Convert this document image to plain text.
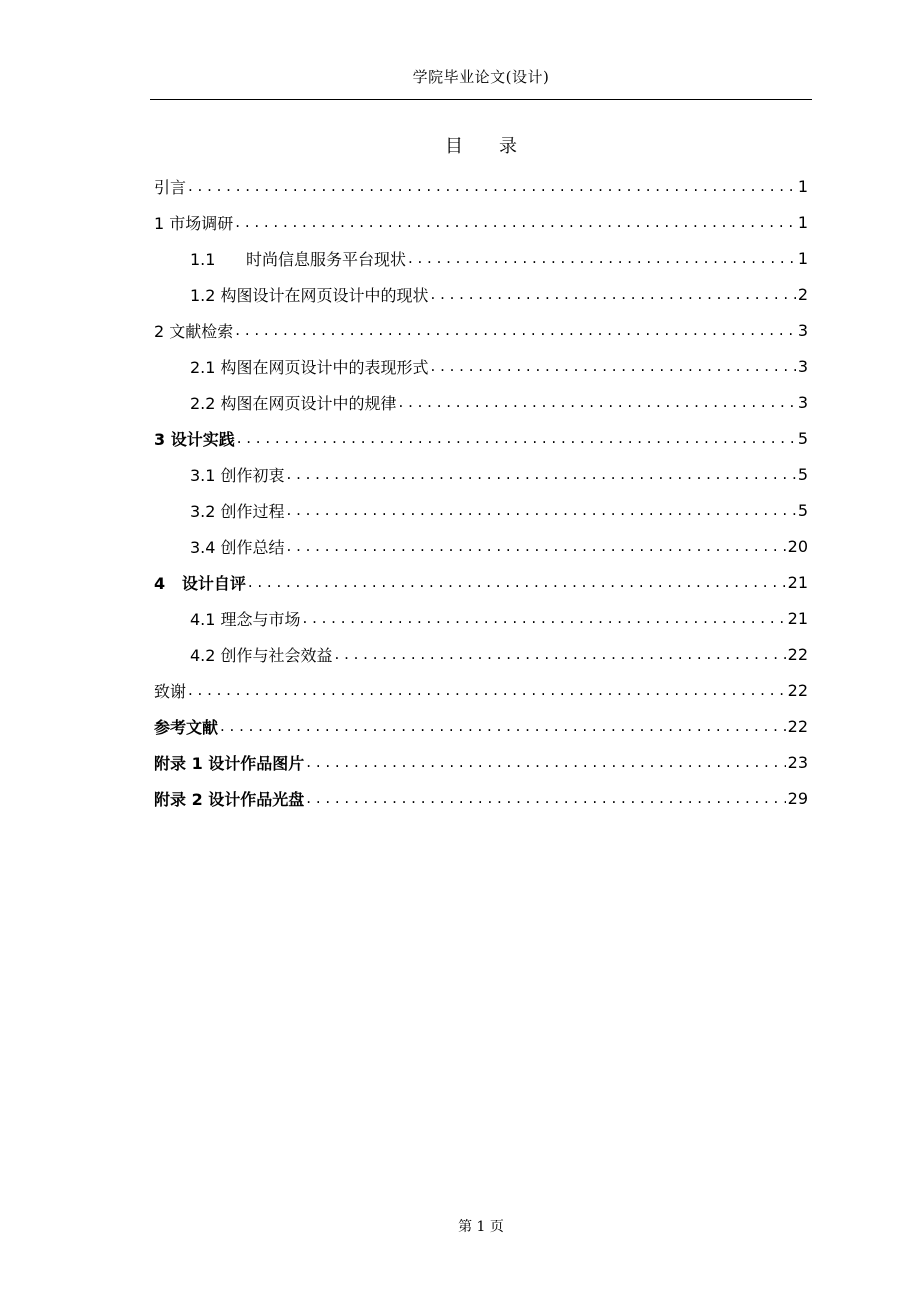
学院毕业论文(设计)
目 录
引言 . . .	1
1 市场调研 . . .	1
1.1      时尚信息服务平台现状 . . .	1
1.2 构图设计在网页设计中的现状 . . .	2
2 文献检索 . . .	3
2.1 构图在网页设计中的表现形式 . . .	3
2.2 构图在网页设计中的规律 . . .	3
3 设计实践 . . .	5
3.1 创作初衷 . . .	5
3.2 创作过程 . . .	5
3.4 创作总结 . . .	20
4   设计自评 . . .	21
4.1 理念与市场 . . .	21
4.2 创作与社会效益 . . .	22
致谢 . . .	22
参考文献 . . .	22
附录 1 设计作品图片 . . .	23
附录 2 设计作品光盘 . . .	29
第 1 页
